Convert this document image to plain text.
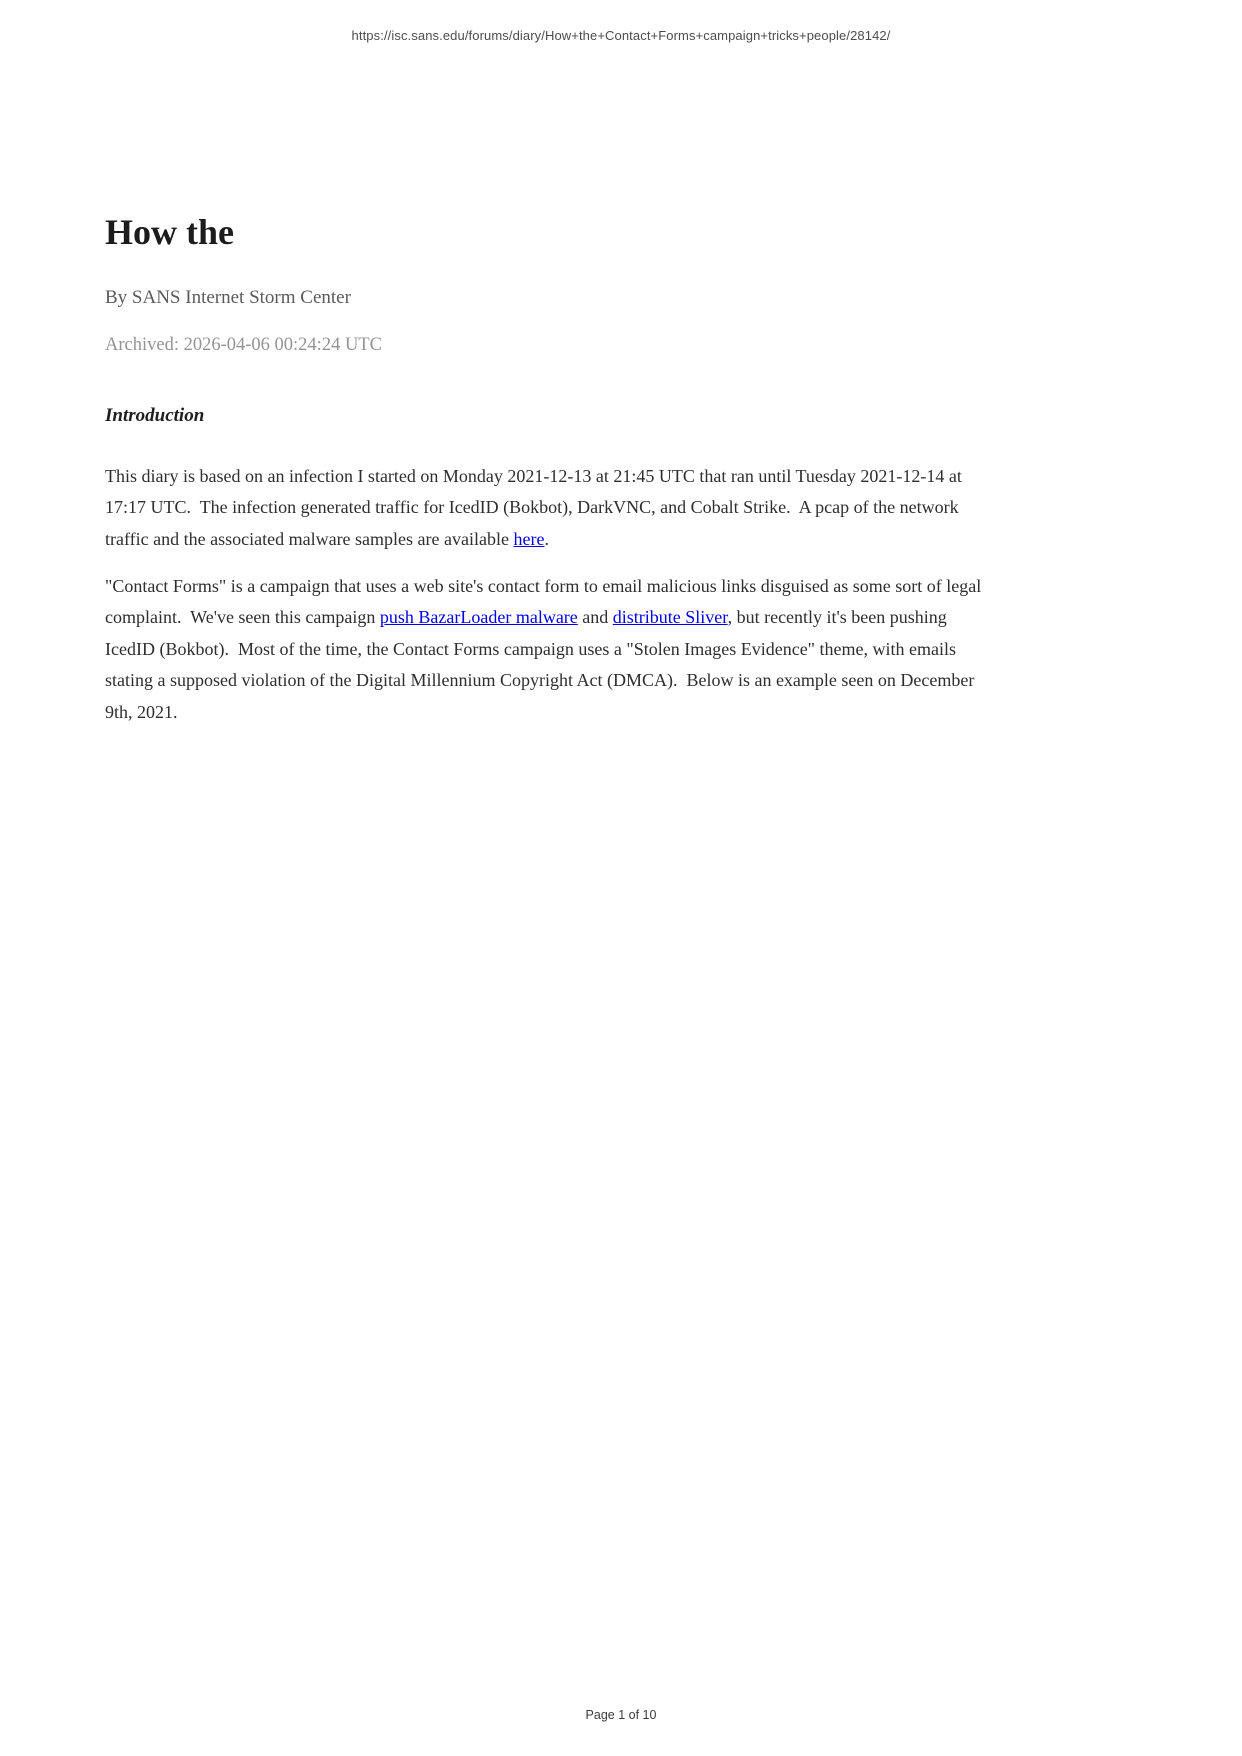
https://isc.sans.edu/forums/diary/How+the+Contact+Forms+campaign+tricks+people/28142/
How the

By SANS Internet Storm Center

Archived: 2026-04-06 00:24:24 UTC

Introduction

This diary is based on an infection I started on Monday 2021-12-13 at 21:45 UTC that ran until Tuesday 2021-12-14 at 17:17 UTC.  The infection generated traffic for IcedID (Bokbot), DarkVNC, and Cobalt Strike.  A pcap of the network traffic and the associated malware samples are available here.

"Contact Forms" is a campaign that uses a web site's contact form to email malicious links disguised as some sort of legal complaint.  We've seen this campaign push BazarLoader malware and distribute Sliver, but recently it's been pushing IcedID (Bokbot).  Most of the time, the Contact Forms campaign uses a "Stolen Images Evidence" theme, with emails stating a supposed violation of the Digital Millennium Copyright Act (DMCA).  Below is an example seen on December 9th, 2021.

Page 1 of 10
